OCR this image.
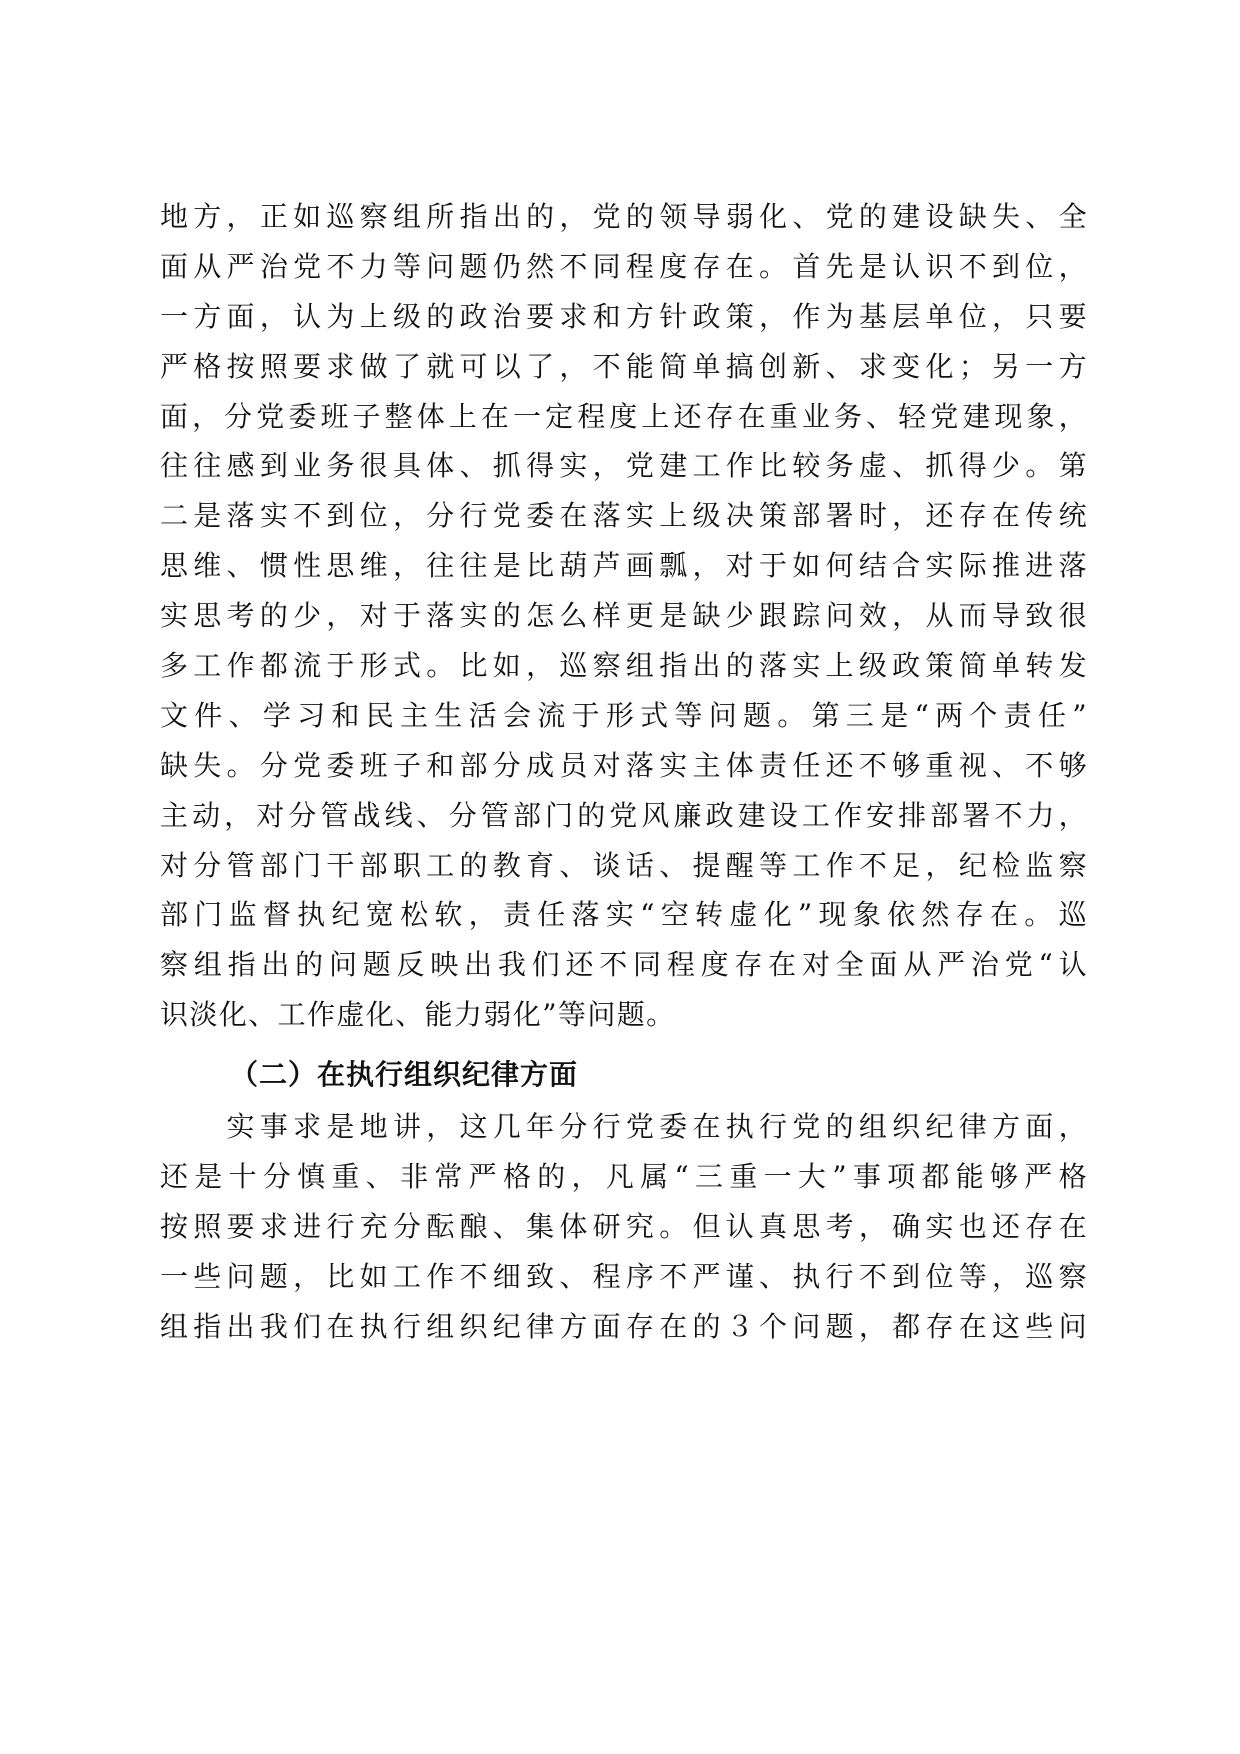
地方，正如巡察组所指出的，党的领导弱化、党的建设缺失、全
面从严治党不力等问题仍然不同程度存在。首先是认识不到位，
一方面，认为上级的政治要求和方针政策，作为基层单位，只要
严格按照要求做了就可以了，不能简单搞创新、求变化；另一方
面，分党委班子整体上在一定程度上还存在重业务、轻党建现象，
往往感到业务很具体、抓得实，党建工作比较务虚、抓得少。第
二是落实不到位，分行党委在落实上级决策部署时，还存在传统
思维、惯性思维，往往是比葫芦画瓢，对于如何结合实际推进落
实思考的少，对于落实的怎么样更是缺少跟踪问效，从而导致很
多工作都流于形式。比如，巡察组指出的落实上级政策简单转发
文件、学习和民主生活会流于形式等问题。第三是“两个责任”
缺失。分党委班子和部分成员对落实主体责任还不够重视、不够
主动，对分管战线、分管部门的党风廉政建设工作安排部署不力，
对分管部门干部职工的教育、谈话、提醒等工作不足，纪检监察
部门监督执纪宽松软，责任落实“空转虚化”现象依然存在。巡
察组指出的问题反映出我们还不同程度存在对全面从严治党“认
识淡化、工作虚化、能力弱化”等问题。
（二）在执行组织纪律方面
　　实事求是地讲，这几年分行党委在执行党的组织纪律方面，
还是十分慎重、非常严格的，凡属“三重一大”事项都能够严格
按照要求进行充分酝酿、集体研究。但认真思考，确实也还存在
一些问题，比如工作不细致、程序不严谨、执行不到位等，巡察
组指出我们在执行组织纪律方面存在的３个问题，都存在这些问
